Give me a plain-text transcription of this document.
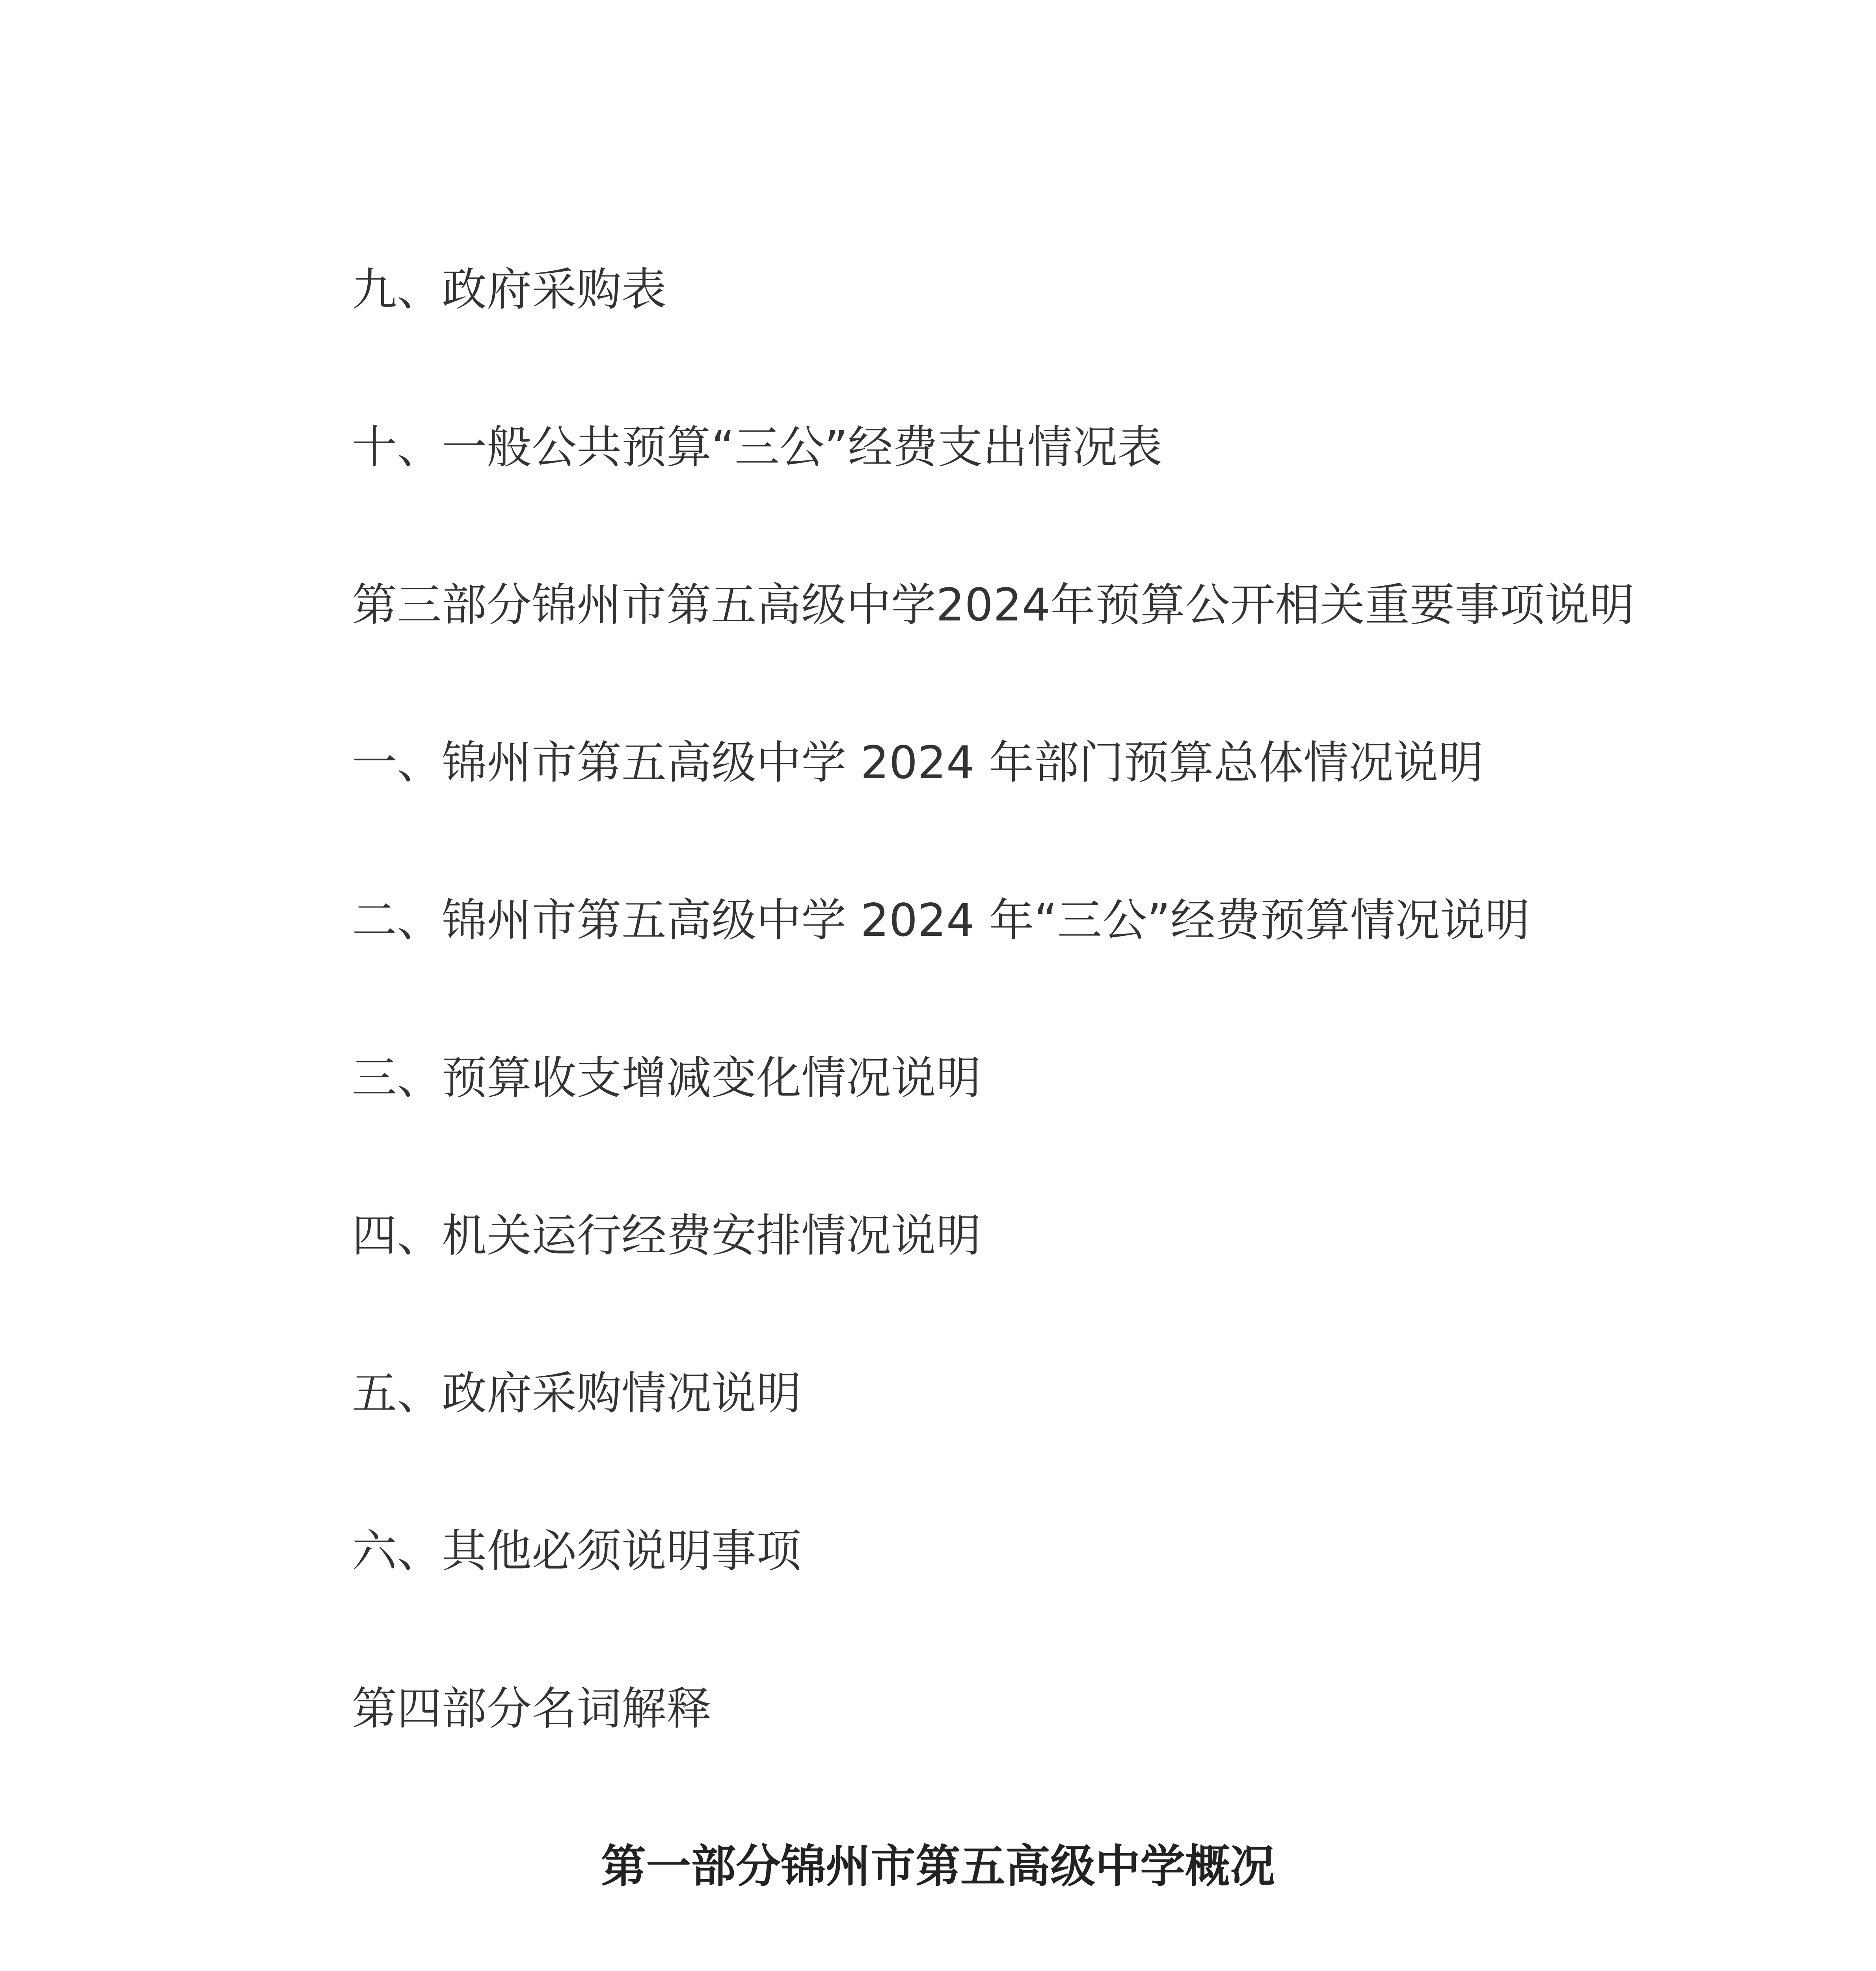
九、政府采购表

十、一般公共预算“三公”经费支出情况表

第三部分锦州市第五高级中学2024年预算公开相关重要事项说明

一、锦州市第五高级中学 2024 年部门预算总体情况说明

二、锦州市第五高级中学 2024 年“三公”经费预算情况说明

三、预算收支增减变化情况说明

四、机关运行经费安排情况说明

五、政府采购情况说明

六、其他必须说明事项

第四部分名词解释

第一部分锦州市第五高级中学概况
